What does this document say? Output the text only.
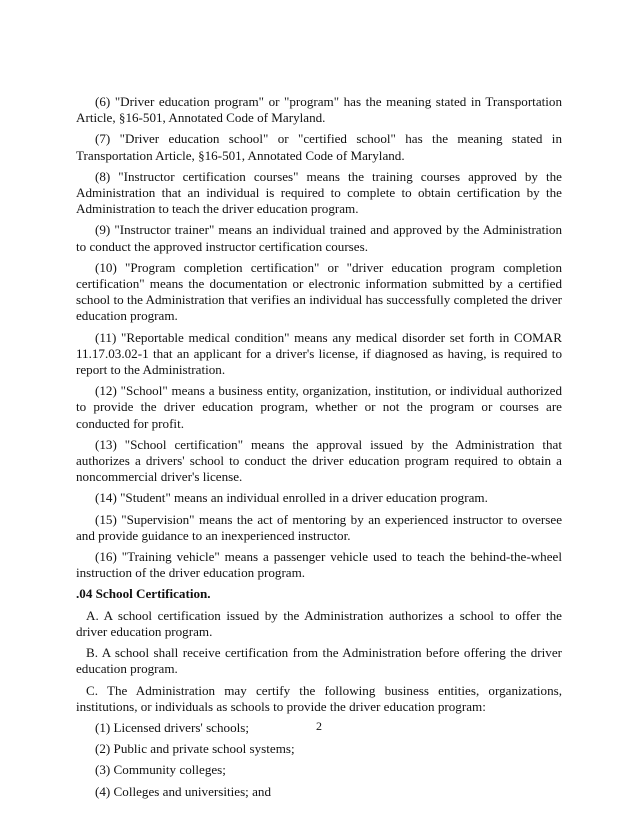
(6) "Driver education program" or "program" has the meaning stated in Transportation Article, §16-501, Annotated Code of Maryland.

(7) "Driver education school" or "certified school" has the meaning stated in Transportation Article, §16-501, Annotated Code of Maryland.

(8) "Instructor certification courses" means the training courses approved by the Administration that an individual is required to complete to obtain certification by the Administration to teach the driver education program.

(9) "Instructor trainer" means an individual trained and approved by the Administration to conduct the approved instructor certification courses.

(10) "Program completion certification" or "driver education program completion certification" means the documentation or electronic information submitted by a certified school to the Administration that verifies an individual has successfully completed the driver education program.

(11) "Reportable medical condition" means any medical disorder set forth in COMAR 11.17.03.02-1 that an applicant for a driver's license, if diagnosed as having, is required to report to the Administration.

(12) "School" means a business entity, organization, institution, or individual authorized to provide the driver education program, whether or not the program or courses are conducted for profit.

(13) "School certification" means the approval issued by the Administration that authorizes a drivers' school to conduct the driver education program required to obtain a noncommercial driver's license.

(14) "Student" means an individual enrolled in a driver education program.

(15) "Supervision" means the act of mentoring by an experienced instructor to oversee and provide guidance to an inexperienced instructor.

(16) "Training vehicle" means a passenger vehicle used to teach the behind-the-wheel instruction of the driver education program.

.04 School Certification.

A. A school certification issued by the Administration authorizes a school to offer the driver education program.

B. A school shall receive certification from the Administration before offering the driver education program.

C. The Administration may certify the following business entities, organizations, institutions, or individuals as schools to provide the driver education program:

(1) Licensed drivers' schools;
(2) Public and private school systems;
(3) Community colleges;
(4) Colleges and universities; and
2
